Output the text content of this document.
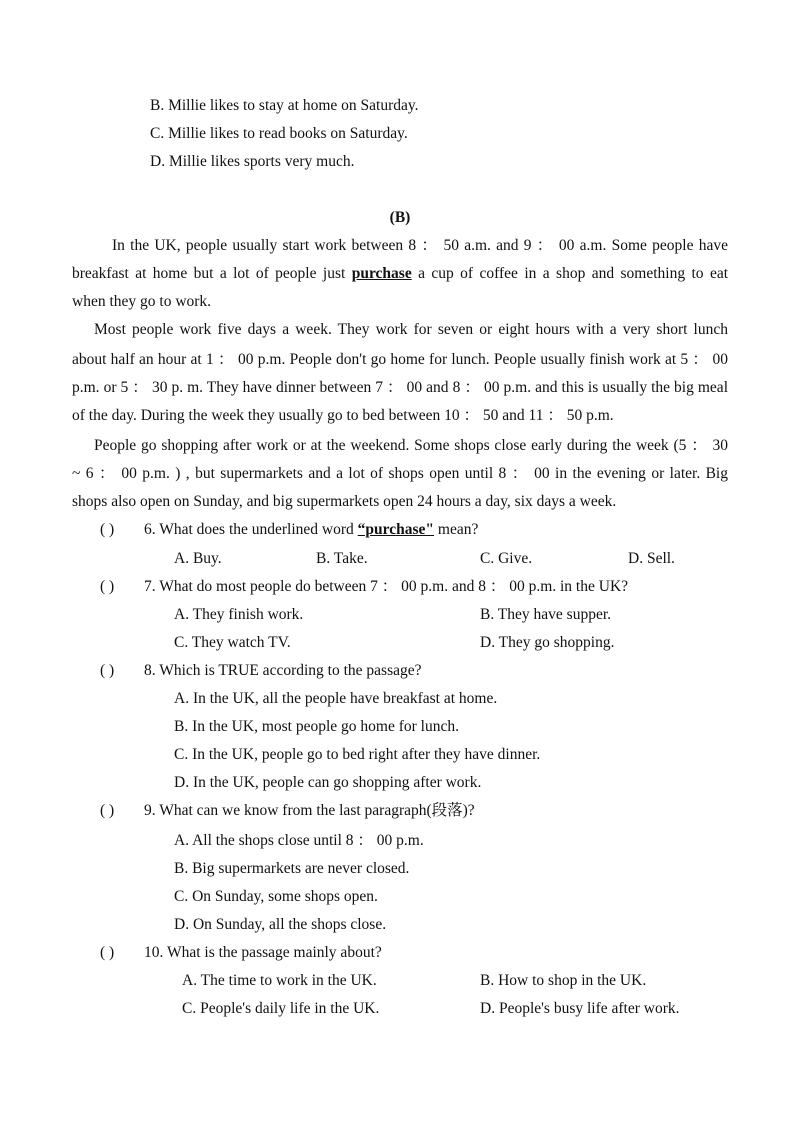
B. Millie likes to stay at home on Saturday.
C. Millie likes to read books on Saturday.
D. Millie likes sports very much.
(B)
In the UK, people usually start work between 8 ： 50 a.m. and 9 ： 00 a.m. Some people have
breakfast at home but a lot of people just purchase a cup of coffee in a shop and something to eat
when they go to work.
Most people work five days a week. They work for seven or eight hours with a very short lunch
about half an hour at 1 ： 00 p.m. People don't go home for lunch. People usually finish work at 5 ： 00
p.m. or 5 ： 30 p. m. They have dinner between 7 ： 00 and 8 ： 00 p.m. and this is usually the big meal
of the day. During the week they usually go to bed between 10 ： 50 and 11 ： 50 p.m.
People go shopping after work or at the weekend. Some shops close early during the week (5 ： 30
~ 6 ： 00 p.m. ) , but supermarkets and a lot of shops open until 8 ： 00 in the evening or later. Big
shops also open on Sunday, and big supermarkets open 24 hours a day, six days a week.
( ) 6. What does the underlined word “purchase" mean?
A. Buy.	B. Take.	C. Give.	D. Sell.
( ) 7. What do most people do between 7 ： 00 p.m. and 8 ： 00 p.m. in the UK?
A. They finish work.	B. They have supper.
C. They watch TV.	D. They go shopping.
( ) 8. Which is TRUE according to the passage?
A. In the UK, all the people have breakfast at home.
B. In the UK, most people go home for lunch.
C. In the UK, people go to bed right after they have dinner.
D. In the UK, people can go shopping after work.
( ) 9. What can we know from the last paragraph(段落)?
A. All the shops close until 8 ： 00 p.m.
B. Big supermarkets are never closed.
C. On Sunday, some shops open.
D. On Sunday, all the shops close.
( ) 10. What is the passage mainly about?
A. The time to work in the UK.	B. How to shop in the UK.
C. People's daily life in the UK.	D. People's busy life after work.
